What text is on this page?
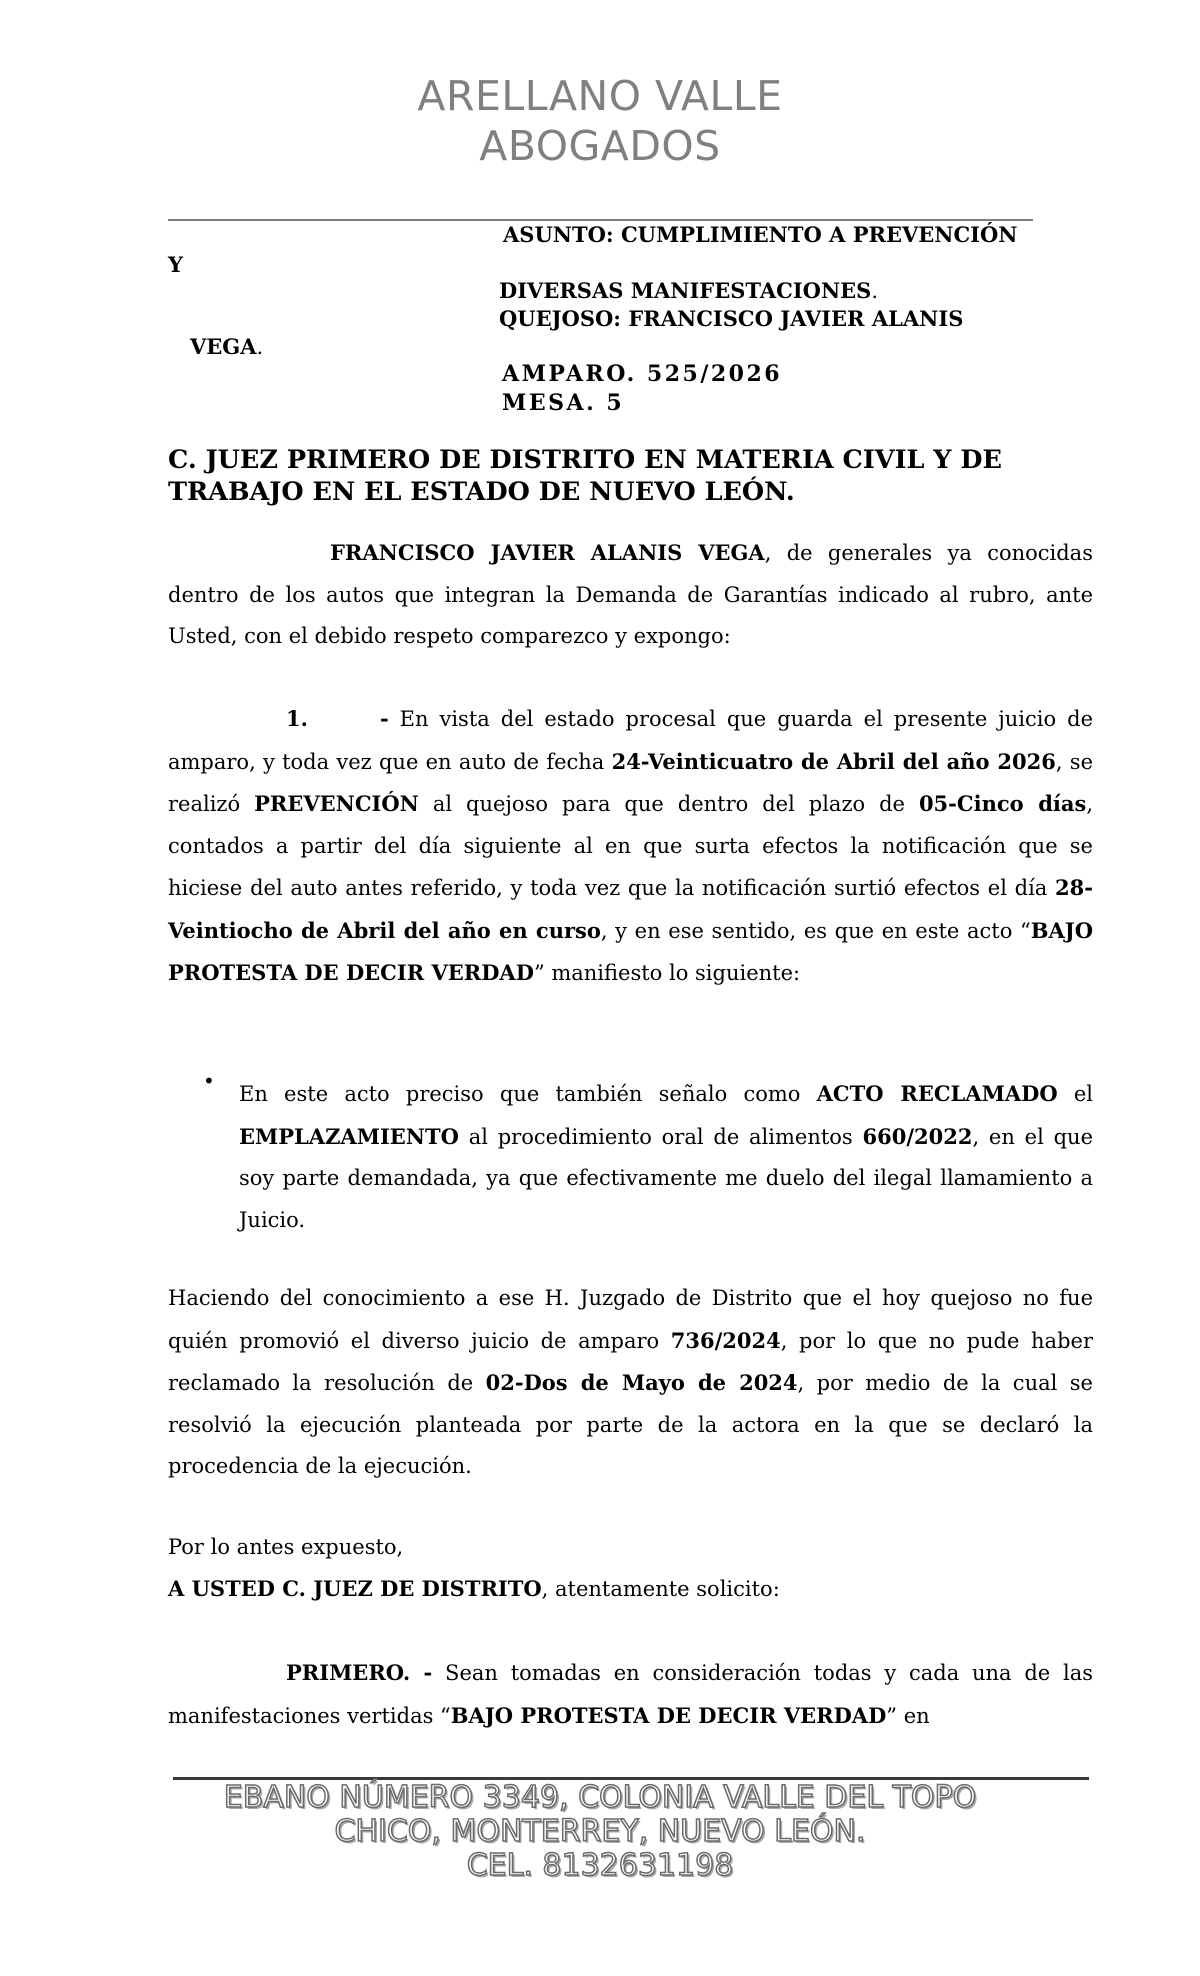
ARELLANO VALLE
ABOGADOS
ASUNTO: CUMPLIMIENTO A PREVENCIÓN
Y
DIVERSAS MANIFESTACIONES.
QUEJOSO: FRANCISCO JAVIER ALANIS
VEGA.
AMPARO. 525/2026
MESA. 5
C. JUEZ PRIMERO DE DISTRITO EN MATERIA CIVIL Y DE TRABAJO EN EL ESTADO DE NUEVO LEÓN.
FRANCISCO JAVIER ALANIS VEGA, de generales ya conocidas dentro de los autos que integran la Demanda de Garantías indicado al rubro, ante Usted, con el debido respeto comparezco y expongo:
1.	- En vista del estado procesal que guarda el presente juicio de amparo, y toda vez que en auto de fecha 24-Veinticuatro de Abril del año 2026, se realizó PREVENCIÓN al quejoso para que dentro del plazo de 05-Cinco días, contados a partir del día siguiente al en que surta efectos la notificación que se hiciese del auto antes referido, y toda vez que la notificación surtió efectos el día 28-Veintiocho de Abril del año en curso, y en ese sentido, es que en este acto “BAJO PROTESTA DE DECIR VERDAD” manifiesto lo siguiente:
•
En este acto preciso que también señalo como ACTO RECLAMADO el EMPLAZAMIENTO al procedimiento oral de alimentos 660/2022, en el que soy parte demandada, ya que efectivamente me duelo del ilegal llamamiento a Juicio.
Haciendo del conocimiento a ese H. Juzgado de Distrito que el hoy quejoso no fue quién promovió el diverso juicio de amparo 736/2024, por lo que no pude haber reclamado la resolución de 02-Dos de Mayo de 2024, por medio de la cual se resolvió la ejecución planteada por parte de la actora en la que se declaró la procedencia de la ejecución.
Por lo antes expuesto,
A USTED C. JUEZ DE DISTRITO, atentamente solicito:
PRIMERO. - Sean tomadas en consideración todas y cada una de las manifestaciones vertidas “BAJO PROTESTA DE DECIR VERDAD” en
EBANO NÚMERO 3349, COLONIA VALLE DEL TOPO
CHICO, MONTERREY, NUEVO LEÓN.
CEL. 8132631198
